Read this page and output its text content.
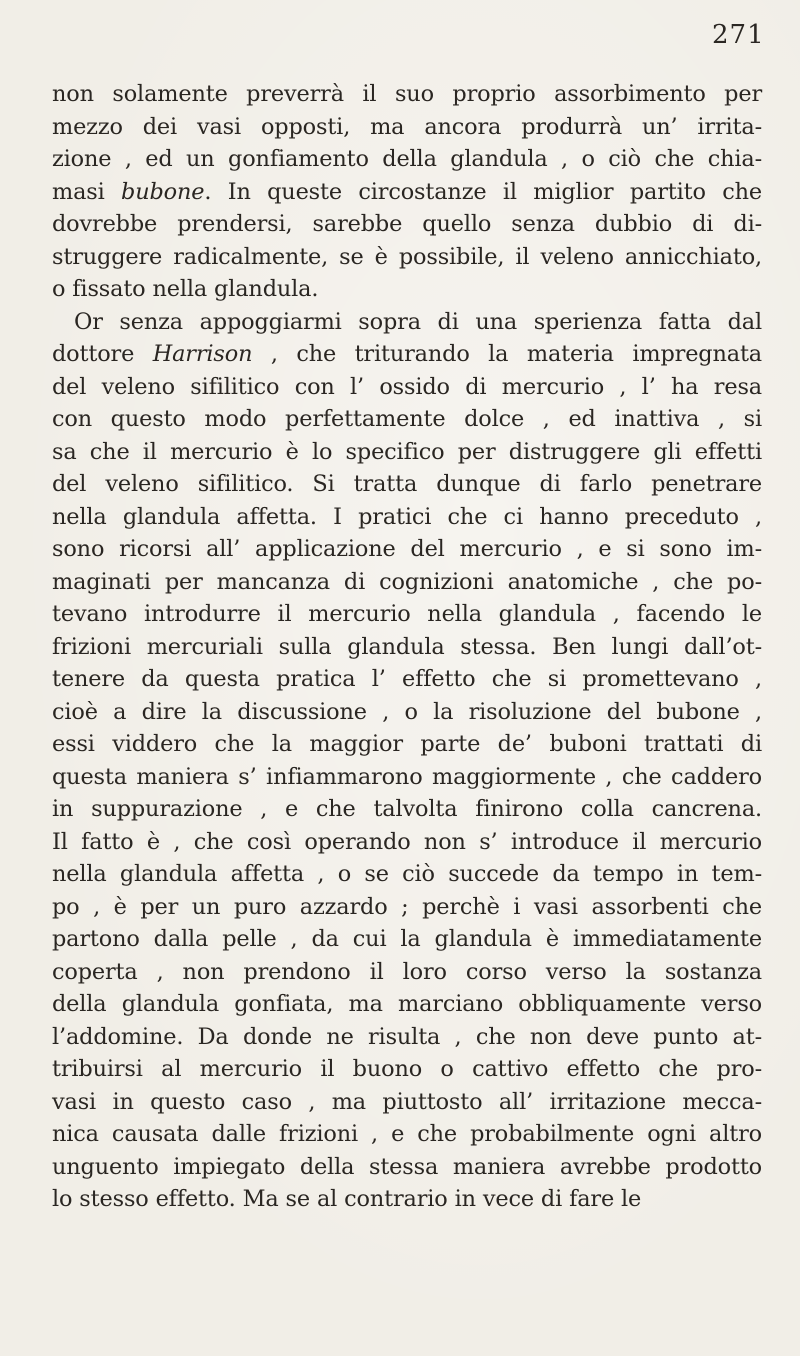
271
non solamente preverrà il suo proprio assorbimento per
mezzo dei vasi opposti, ma ancora produrrà un’ irrita-
zione , ed un gonfiamento della glandula , o ciò che chia-
masi bubone. In queste circostanze il miglior partito che
dovrebbe prendersi, sarebbe quello senza dubbio di di-
struggere radicalmente, se è possibile, il veleno annicchiato,
o fissato nella glandula.
Or senza appoggiarmi sopra di una sperienza fatta dal
dottore Harrison , che triturando la materia impregnata
del veleno sifilitico con l’ ossido di mercurio , l’ ha resa
con questo modo perfettamente dolce , ed inattiva , si
sa che il mercurio è lo specifico per distruggere gli effetti
del veleno sifilitico. Si tratta dunque di farlo penetrare
nella glandula affetta. I pratici che ci hanno preceduto ,
sono ricorsi all’ applicazione del mercurio , e si sono im-
maginati per mancanza di cognizioni anatomiche , che po-
tevano introdurre il mercurio nella glandula , facendo le
frizioni mercuriali sulla glandula stessa. Ben lungi dall’ot-
tenere da questa pratica l’ effetto che si promettevano ,
cioè a dire la discussione , o la risoluzione del bubone ,
essi viddero che la maggior parte de’ buboni trattati di
questa maniera s’ infiammarono maggiormente , che caddero
in suppurazione , e che talvolta finirono colla cancrena.
Il fatto è , che così operando non s’ introduce il mercurio
nella glandula affetta , o se ciò succede da tempo in tem-
po , è per un puro azzardo ; perchè i vasi assorbenti che
partono dalla pelle , da cui la glandula è immediatamente
coperta , non prendono il loro corso verso la sostanza
della glandula gonfiata, ma marciano obbliquamente verso
l’addomine. Da donde ne risulta , che non deve punto at-
tribuirsi al mercurio il buono o cattivo effetto che pro-
vasi in questo caso , ma piuttosto all’ irritazione mecca-
nica causata dalle frizioni , e che probabilmente ogni altro
unguento impiegato della stessa maniera avrebbe prodotto
lo stesso effetto. Ma se al contrario in vece di fare le
